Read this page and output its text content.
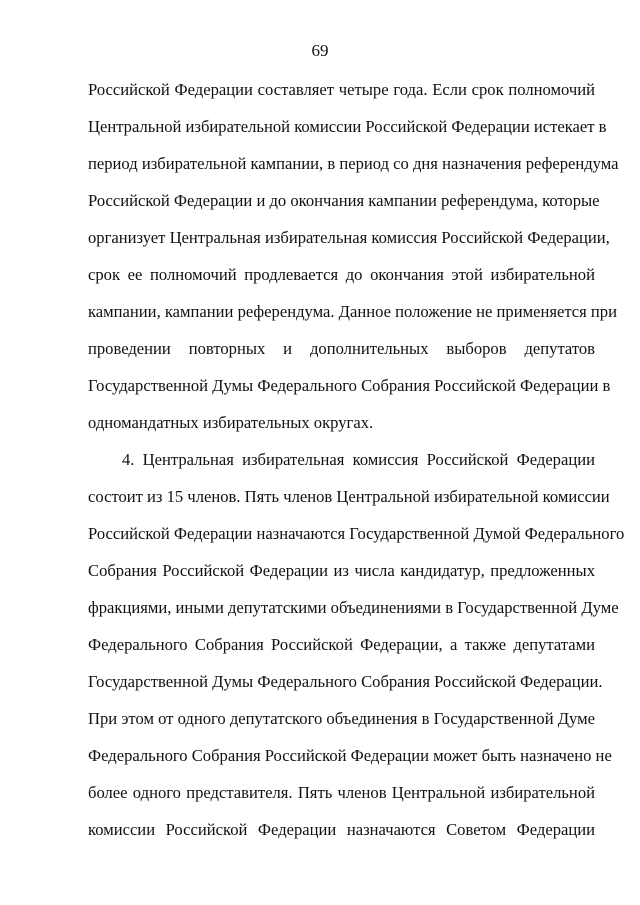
69
Российской Федерации составляет четыре года. Если срок полномочий
Центральной избирательной комиссии Российской Федерации истекает в
период избирательной кампании, в период со дня назначения референдума
Российской Федерации и до окончания кампании референдума, которые
организует Центральная избирательная комиссия Российской Федерации,
срок ее полномочий продлевается до окончания этой избирательной
кампании, кампании референдума. Данное положение не применяется при
проведении повторных и дополнительных выборов депутатов
Государственной Думы Федерального Собрания Российской Федерации в
одномандатных избирательных округах.
4. Центральная избирательная комиссия Российской Федерации
состоит из 15 членов. Пять членов Центральной избирательной комиссии
Российской Федерации назначаются Государственной Думой Федерального
Собрания Российской Федерации из числа кандидатур, предложенных
фракциями, иными депутатскими объединениями в Государственной Думе
Федерального Собрания Российской Федерации, а также депутатами
Государственной Думы Федерального Собрания Российской Федерации.
При этом от одного депутатского объединения в Государственной Думе
Федерального Собрания Российской Федерации может быть назначено не
более одного представителя. Пять членов Центральной избирательной
комиссии Российской Федерации назначаются Советом Федерации
